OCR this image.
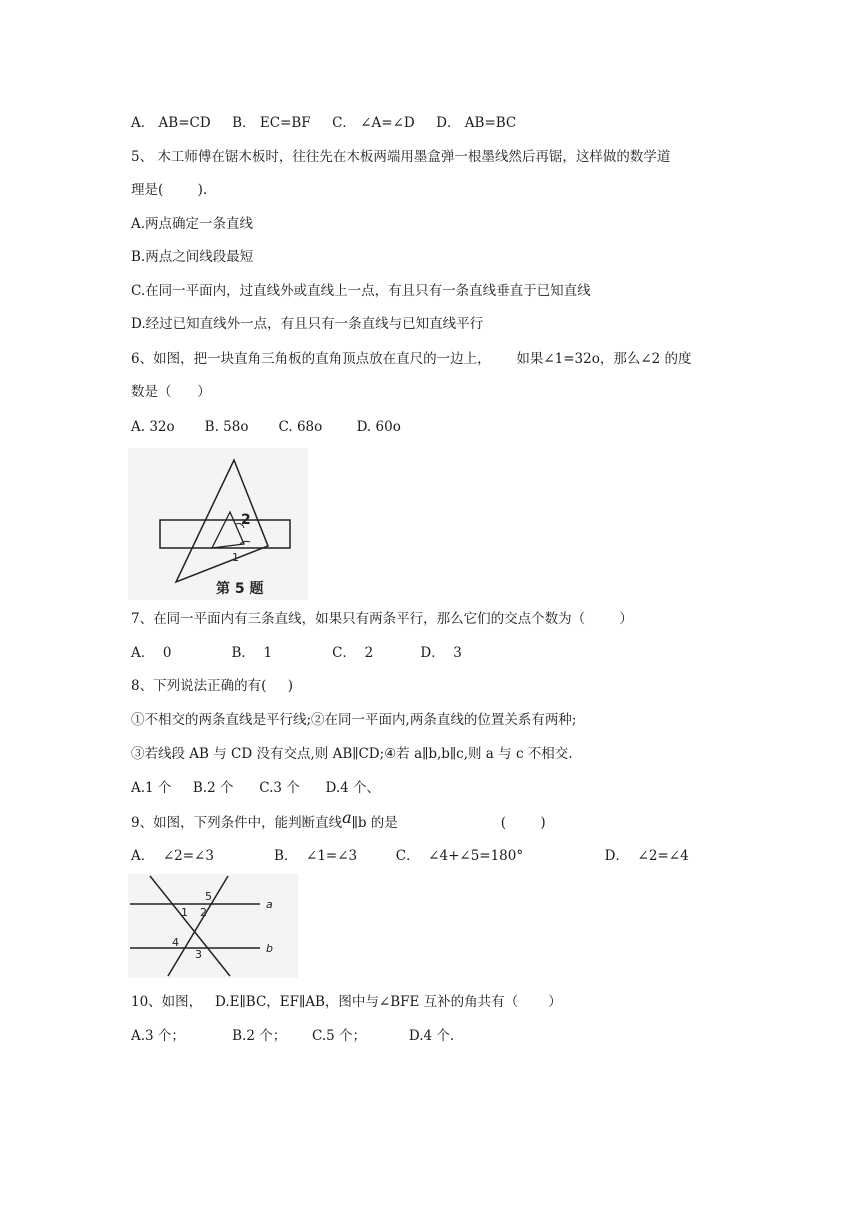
A． AB=CD     B． EC=BF     C． ∠A=∠D     D． AB=BC
5、 木工师傅在锯木板时，往往先在木板两端用墨盒弹一根墨线然后再锯，这样做的数学道
理是(        ).
A.两点确定一条直线
B.两点之间线段最短
C.在同一平面内，过直线外或直线上一点，有且只有一条直线垂直于已知直线
D.经过已知直线外一点，有且只有一条直线与已知直线平行
6、如图，把一块直角三角板的直角顶点放在直尺的一边上，      如果∠1=32o，那么∠2 的度
数是（      ）
A. 32o       B. 58o       C. 68o        D. 60o
2
1
第 5 题
7、在同一平面内有三条直线，如果只有两条平行，那么它们的交点个数为（        ）
A．  0              B．  1              C．  2           D．  3
8、下列说法正确的有(     )
①不相交的两条直线是平行线;②在同一平面内,两条直线的位置关系有两种;
③若线段 AB 与 CD 没有交点,则 AB∥CD;④若 a∥b,b∥c,则 a 与 c 不相交.
A.1 个     B.2 个      C.3 个      D.4 个、
9、如图，下列条件中，能判断直线a∥b 的是                        (        )
A．  ∠2=∠3              B．  ∠1=∠3         C．  ∠4+∠5=180°                   D．  ∠2=∠4
a
b
1 2
5
4
3
10、如图，   D.E∥BC，EF∥AB，图中与∠BFE 互补的角共有（       ）
A.3 个；           B.2 个；      C.5 个；          D.4 个.
